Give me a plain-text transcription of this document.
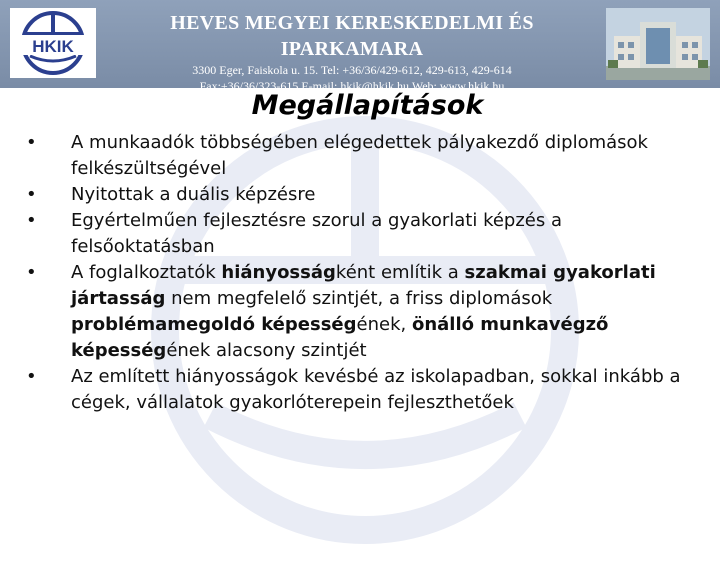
HKIK
HEVES MEGYEI KERESKEDELMI ÉS IPARKAMARA
3300 Eger, Faiskola u. 15. Tel: +36/36/429-612, 429-613, 429-614
Fax:+36/36/323-615 E-mail: hkik@hkik.hu Web: www.hkik.hu
Megállapítások
• A munkaadók többségében elégedettek pályakezdő diplomások felkészültségével
• Nyitottak a duális képzésre
• Egyértelműen fejlesztésre szorul a gyakorlati képzés a felsőoktatásban
• A foglalkoztatók hiányosságként említik a szakmai gyakorlati jártasság nem megfelelő szintjét, a friss diplomások problémamegoldó képességének, önálló munkavégző képességének alacsony szintjét
• Az említett hiányosságok kevésbé az iskolapadban, sokkal inkább a cégek, vállalatok gyakorlóterepein fejleszthetőek
